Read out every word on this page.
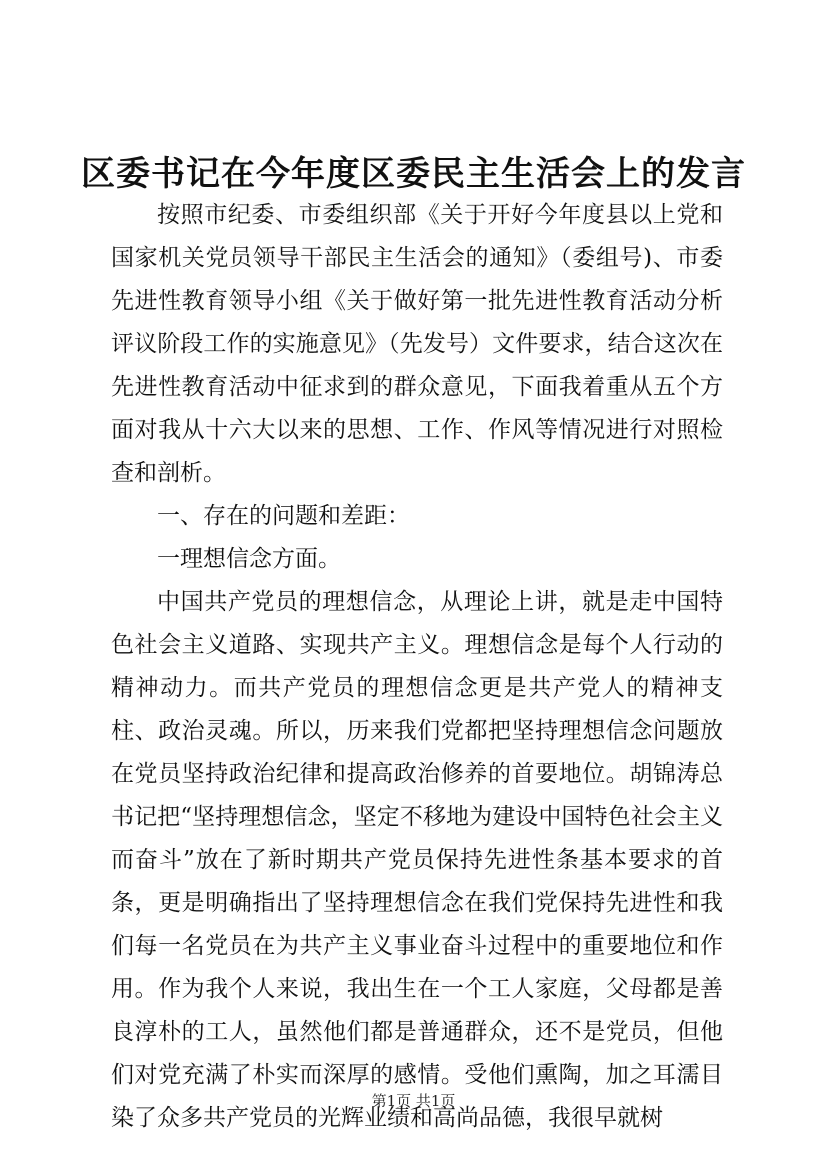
区委书记在今年度区委民主生活会上的发言

按照市纪委、市委组织部《关于开好今年度县以上党和国家机关党员领导干部民主生活会的通知》（委组号)、市委先进性教育领导小组《关于做好第一批先进性教育活动分析评议阶段工作的实施意见》（先发号）文件要求，结合这次在先进性教育活动中征求到的群众意见，下面我着重从五个方面对我从十六大以来的思想、工作、作风等情况进行对照检查和剖析。

一、存在的问题和差距：

一理想信念方面。

中国共产党员的理想信念，从理论上讲，就是走中国特色社会主义道路、实现共产主义。理想信念是每个人行动的精神动力。而共产党员的理想信念更是共产党人的精神支柱、政治灵魂。所以，历来我们党都把坚持理想信念问题放在党员坚持政治纪律和提高政治修养的首要地位。胡锦涛总书记把“坚持理想信念，坚定不移地为建设中国特色社会主义而奋斗”放在了新时期共产党员保持先进性条基本要求的首条，更是明确指出了坚持理想信念在我们党保持先进性和我们每一名党员在为共产主义事业奋斗过程中的重要地位和作用。作为我个人来说，我出生在一个工人家庭，父母都是善良淳朴的工人，虽然他们都是普通群众，还不是党员，但他们对党充满了朴实而深厚的感情。受他们熏陶，加之耳濡目染了众多共产党员的光辉业绩和高尚品德，我很早就树

第1页 共1页
